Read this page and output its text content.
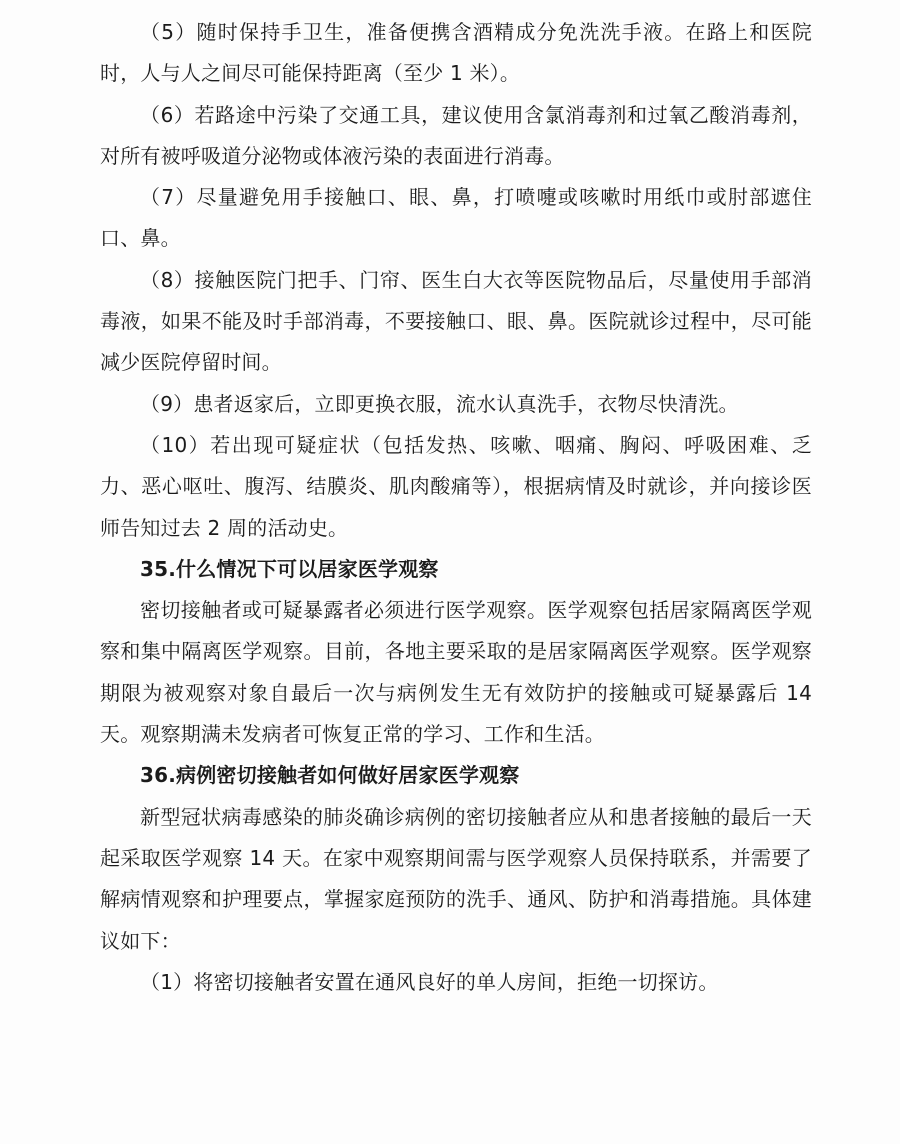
（5）随时保持手卫生，准备便携含酒精成分免洗洗手液。在路上和医院时，人与人之间尽可能保持距离（至少 1 米）。

（6）若路途中污染了交通工具，建议使用含氯消毒剂和过氧乙酸消毒剂，对所有被呼吸道分泌物或体液污染的表面进行消毒。

（7）尽量避免用手接触口、眼、鼻，打喷嚏或咳嗽时用纸巾或肘部遮住口、鼻。

（8）接触医院门把手、门帘、医生白大衣等医院物品后，尽量使用手部消毒液，如果不能及时手部消毒，不要接触口、眼、鼻。医院就诊过程中，尽可能减少医院停留时间。

（9）患者返家后，立即更换衣服，流水认真洗手，衣物尽快清洗。

（10）若出现可疑症状（包括发热、咳嗽、咽痛、胸闷、呼吸困难、乏力、恶心呕吐、腹泻、结膜炎、肌肉酸痛等），根据病情及时就诊，并向接诊医师告知过去 2 周的活动史。

35.什么情况下可以居家医学观察

密切接触者或可疑暴露者必须进行医学观察。医学观察包括居家隔离医学观察和集中隔离医学观察。目前，各地主要采取的是居家隔离医学观察。医学观察期限为被观察对象自最后一次与病例发生无有效防护的接触或可疑暴露后 14 天。观察期满未发病者可恢复正常的学习、工作和生活。

36.病例密切接触者如何做好居家医学观察

新型冠状病毒感染的肺炎确诊病例的密切接触者应从和患者接触的最后一天起采取医学观察 14 天。在家中观察期间需与医学观察人员保持联系，并需要了解病情观察和护理要点，掌握家庭预防的洗手、通风、防护和消毒措施。具体建议如下：

（1）将密切接触者安置在通风良好的单人房间，拒绝一切探访。
